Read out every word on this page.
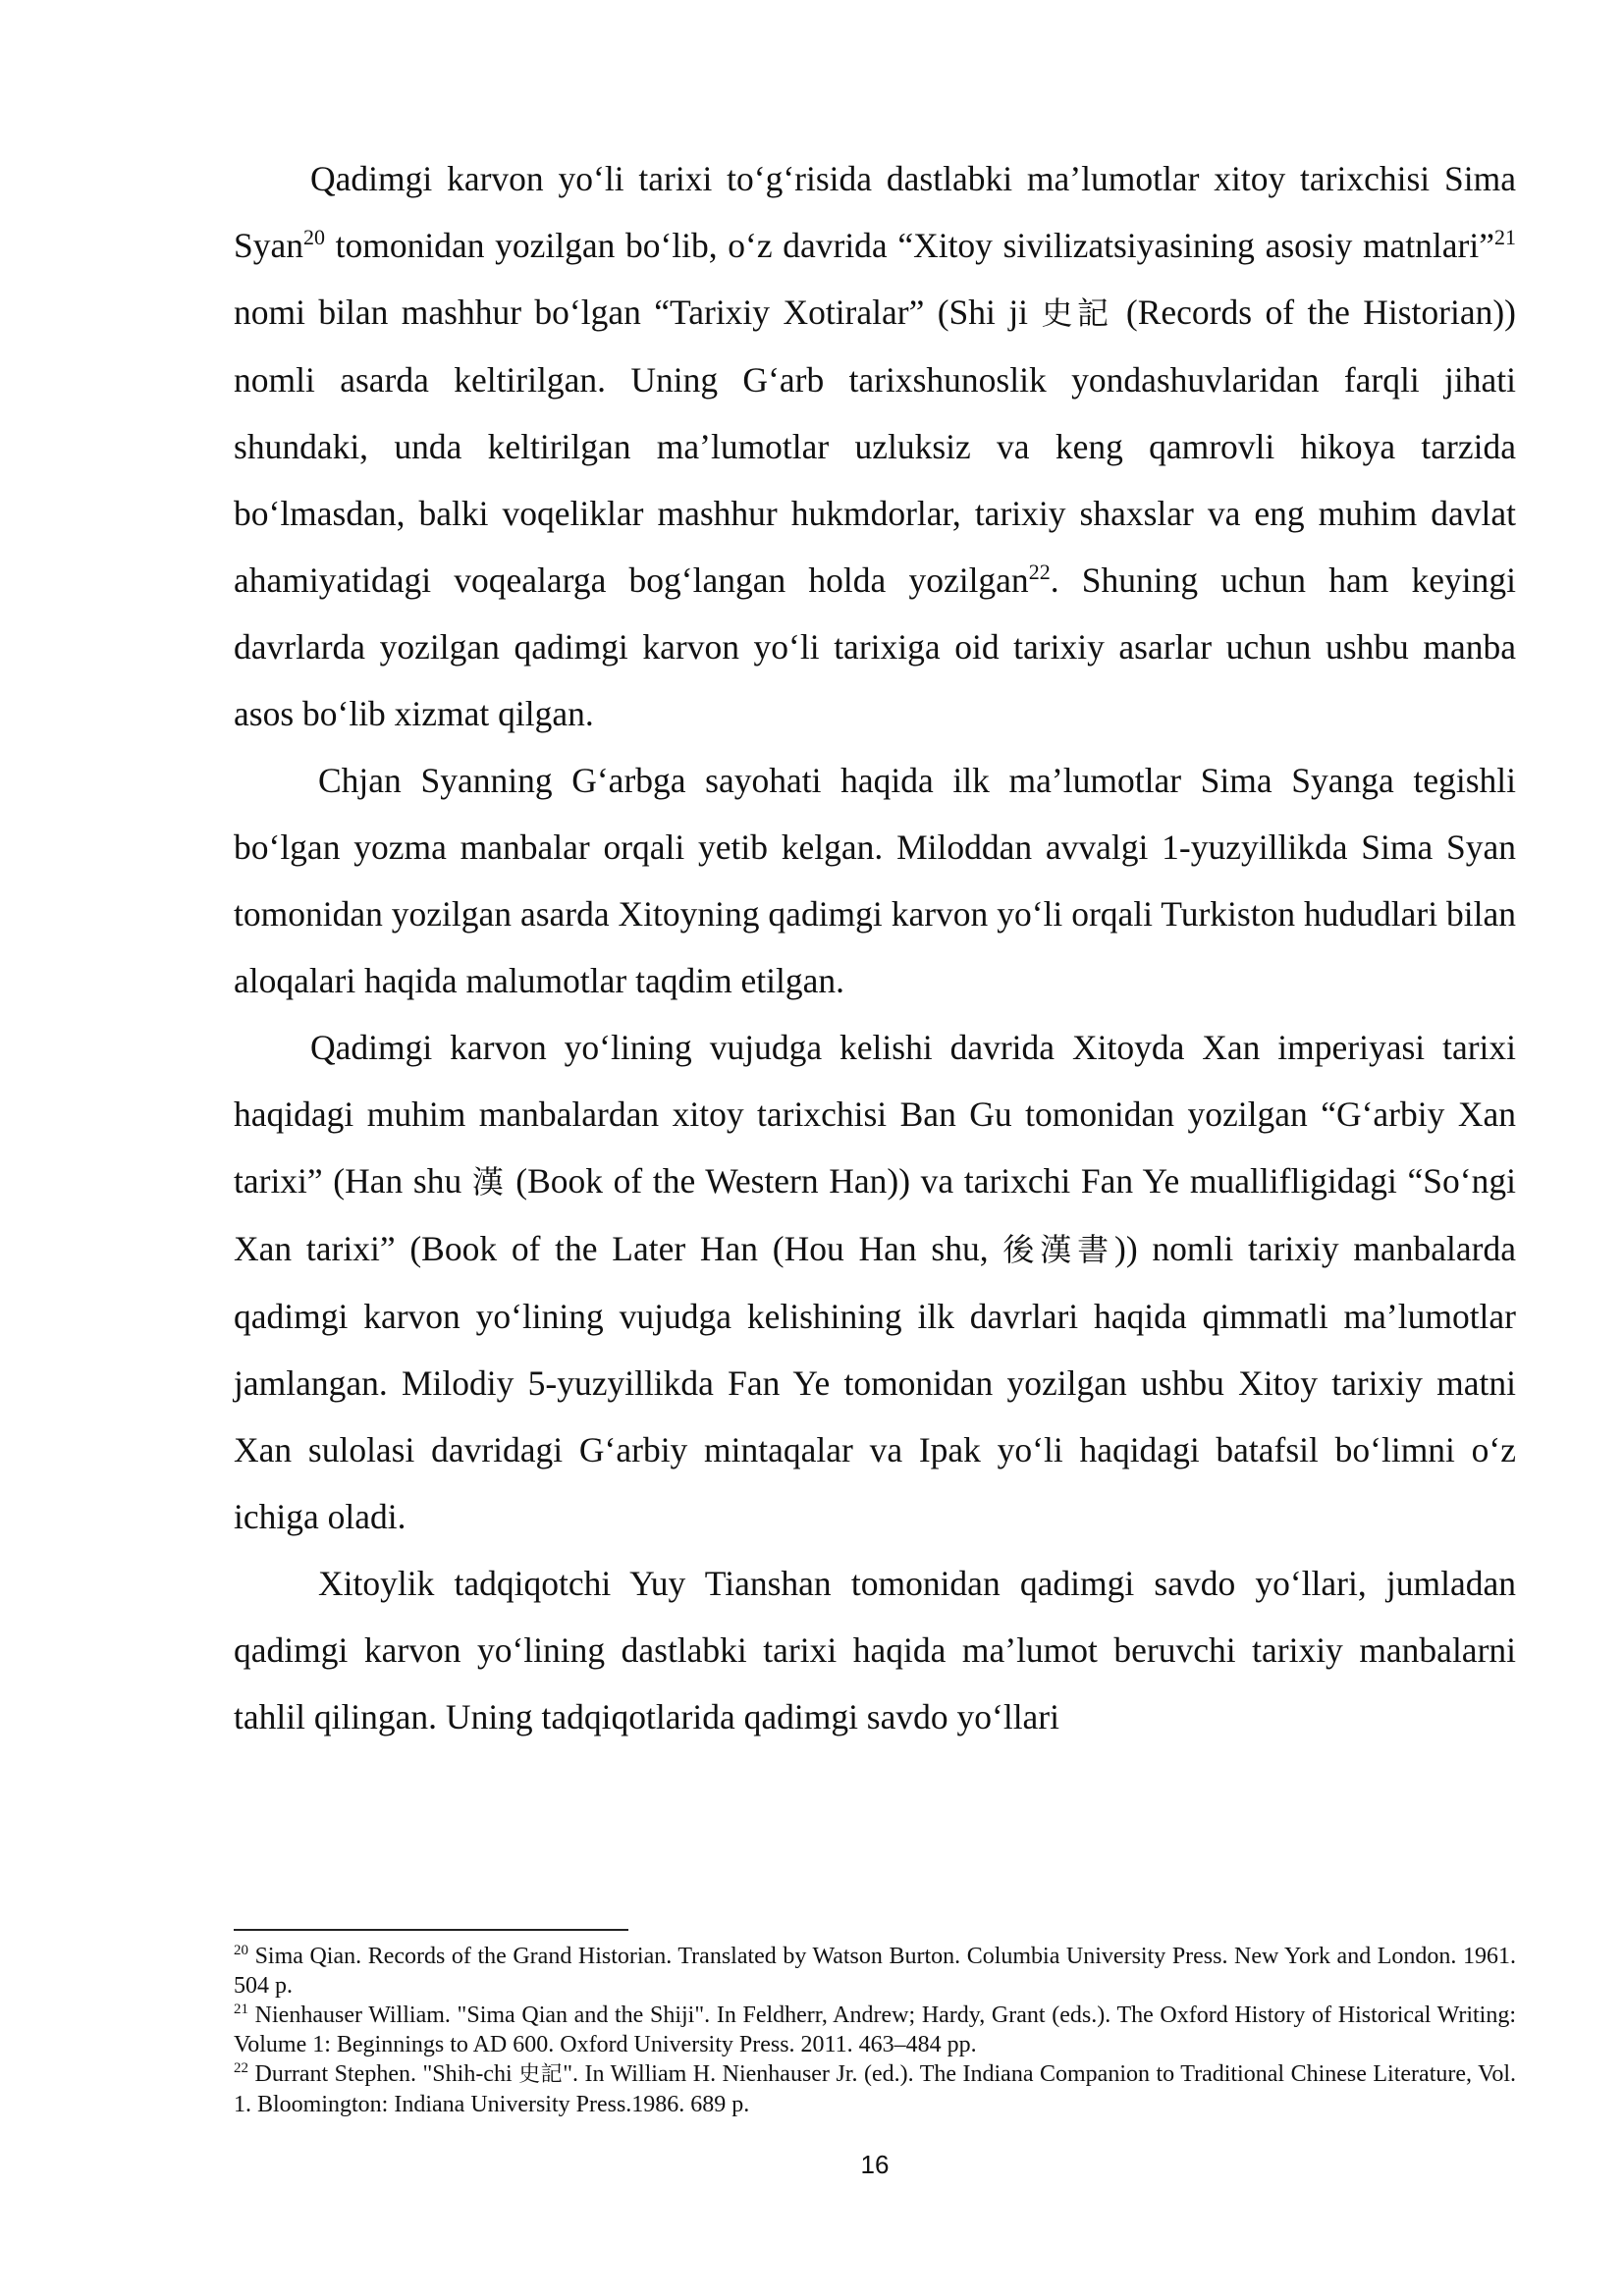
Qadimgi karvon yo‘li tarixi to‘g‘risida dastlabki ma’lumotlar xitoy tarixchisi Sima Syan$^{20}$ tomonidan yozilgan bo‘lib, o‘z davrida “Xitoy sivilizatsiyasining asosiy matnlari”$^{21}$ nomi bilan mashhur bo‘lgan “Tarixiy Xotiralar” (Shi ji 史記 (Records of the Historian)) nomli asarda keltirilgan. Uning G‘arb tarixshunoslik yondashuvlaridan farqli jihati shundaki, unda keltirilgan ma’lumotlar uzluksiz va keng qamrovli hikoya tarzida bo‘lmasdan, balki voqeliklar mashhur hukmdorlar, tarixiy shaxslar va eng muhim davlat ahamiyatidagi voqealarga bog‘langan holda yozilgan$^{22}$. Shuning uchun ham keyingi davrlarda yozilgan qadimgi karvon yo‘li tarixiga oid tarixiy asarlar uchun ushbu manba asos bo‘lib xizmat qilgan.

Chjan Syanning G‘arbga sayohati haqida ilk ma’lumotlar Sima Syanga tegishli bo‘lgan yozma manbalar orqali yetib kelgan. Miloddan avvalgi 1-yuzyillikda Sima Syan tomonidan yozilgan asarda Xitoyning qadimgi karvon yo‘li orqali Turkiston hududlari bilan aloqalari haqida malumotlar taqdim etilgan.

Qadimgi karvon yo‘lining vujudga kelishi davrida Xitoyda Xan imperiyasi tarixi haqidagi muhim manbalardan xitoy tarixchisi Ban Gu tomonidan yozilgan “G‘arbiy Xan tarixi” (Han shu 漢 (Book of the Western Han)) va tarixchi Fan Ye muallifligidagi “So‘ngi Xan tarixi” (Book of the Later Han (Hou Han shu, 後漢書)) nomli tarixiy manbalarda qadimgi karvon yo‘lining vujudga kelishining ilk davrlari haqida qimmatli ma’lumotlar jamlangan. Milodiy 5-yuzyillikda Fan Ye tomonidan yozilgan ushbu Xitoy tarixiy matni Xan sulolasi davridagi G‘arbiy mintaqalar va Ipak yo‘li haqidagi batafsil bo‘limni o‘z ichiga oladi.

Xitoylik tadqiqotchi Yuy Tianshan tomonidan qadimgi savdo yo‘llari, jumladan qadimgi karvon yo‘lining dastlabki tarixi haqida ma’lumot beruvchi tarixiy manbalarni tahlil qilingan. Uning tadqiqotlarida qadimgi savdo yo‘llari

$^{20}$ Sima Qian. Records of the Grand Historian. Translated by Watson Burton. Columbia University Press. New York and London. 1961. 504 p.

$^{21}$ Nienhauser William. "Sima Qian and the Shiji". In Feldherr, Andrew; Hardy, Grant (eds.). The Oxford History of Historical Writing: Volume 1: Beginnings to AD 600. Oxford University Press. 2011. 463–484 pp.

$^{22}$ Durrant Stephen. "Shih-chi 史記". In William H. Nienhauser Jr. (ed.). The Indiana Companion to Traditional Chinese Literature, Vol. 1. Bloomington: Indiana University Press.1986. 689 p.

16
